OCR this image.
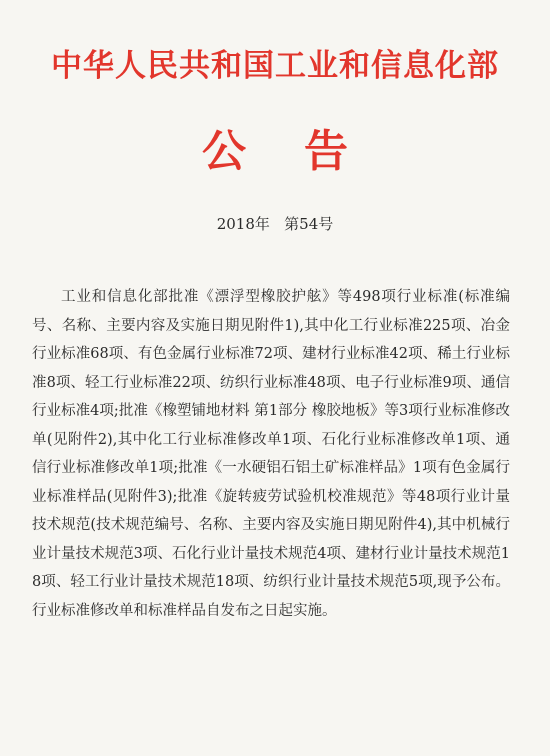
中华人民共和国工业和信息化部
公告
2018年   第54号

工业和信息化部批准《漂浮型橡胶护舷》等498项行业标准(标准编号、名称、主要内容及实施日期见附件1),其中化工行业标准225项、冶金行业标准68项、有色金属行业标准72项、建材行业标准42项、稀土行业标准8项、轻工行业标准22项、纺织行业标准48项、电子行业标准9项、通信行业标准4项;批准《橡塑铺地材料 第1部分 橡胶地板》等3项行业标准修改单(见附件2),其中化工行业标准修改单1项、石化行业标准修改单1项、通信行业标准修改单1项;批准《一水硬铝石铝土矿标准样品》1项有色金属行业标准样品(见附件3);批准《旋转疲劳试验机校准规范》等48项行业计量技术规范(技术规范编号、名称、主要内容及实施日期见附件4),其中机械行业计量技术规范3项、石化行业计量技术规范4项、建材行业计量技术规范18项、轻工行业计量技术规范18项、纺织行业计量技术规范5项,现予公布。行业标准修改单和标准样品自发布之日起实施。
